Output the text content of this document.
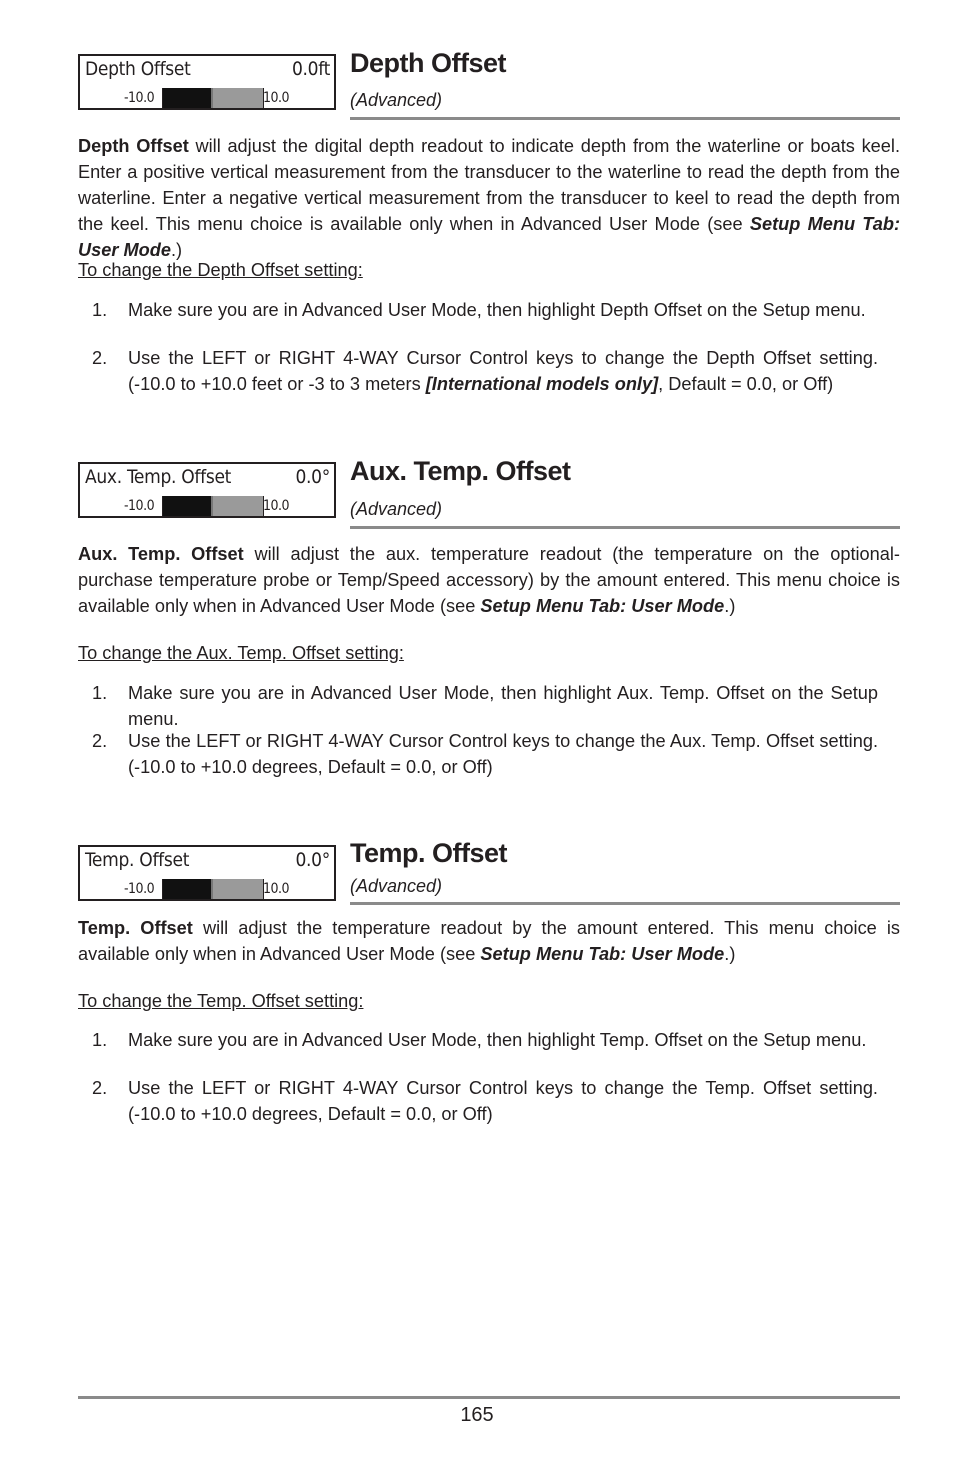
Depth Offset	0.0ft
-10.0	10.0
Depth Offset
(Advanced)
Depth Offset will adjust the digital depth readout to indicate depth from the waterline or boats keel. Enter a positive vertical measurement from the transducer to the waterline to read the depth from the waterline. Enter a negative vertical measurement from the transducer to keel to read the depth from the keel. This menu choice is available only when in Advanced User Mode (see Setup Menu Tab: User Mode.)
To change the Depth Offset setting:
1. Make sure you are in Advanced User Mode, then highlight Depth Offset on the Setup menu.
2. Use the LEFT or RIGHT 4-WAY Cursor Control keys to change the Depth Offset setting. (-10.0 to +10.0 feet or -3 to 3 meters [International models only], Default = 0.0, or Off)
Aux. Temp. Offset	0.0°
-10.0	10.0
Aux. Temp. Offset
(Advanced)
Aux. Temp. Offset will adjust the aux. temperature readout (the temperature on the optional-purchase temperature probe or Temp/Speed accessory) by the amount entered. This menu choice is available only when in Advanced User Mode (see Setup Menu Tab: User Mode.)
To change the Aux. Temp. Offset setting:
1. Make sure you are in Advanced User Mode, then highlight Aux. Temp. Offset on the Setup menu.
2. Use the LEFT or RIGHT 4-WAY Cursor Control keys to change the Aux. Temp. Offset setting. (-10.0 to +10.0 degrees, Default = 0.0, or Off)
Temp. Offset	0.0°
-10.0	10.0
Temp. Offset
(Advanced)
Temp. Offset will adjust the temperature readout by the amount entered. This menu choice is available only when in Advanced User Mode (see Setup Menu Tab: User Mode.)
To change the Temp. Offset setting:
1. Make sure you are in Advanced User Mode, then highlight Temp. Offset on the Setup menu.
2. Use the LEFT or RIGHT 4-WAY Cursor Control keys to change the Temp. Offset setting. (-10.0 to +10.0 degrees, Default = 0.0, or Off)
165
